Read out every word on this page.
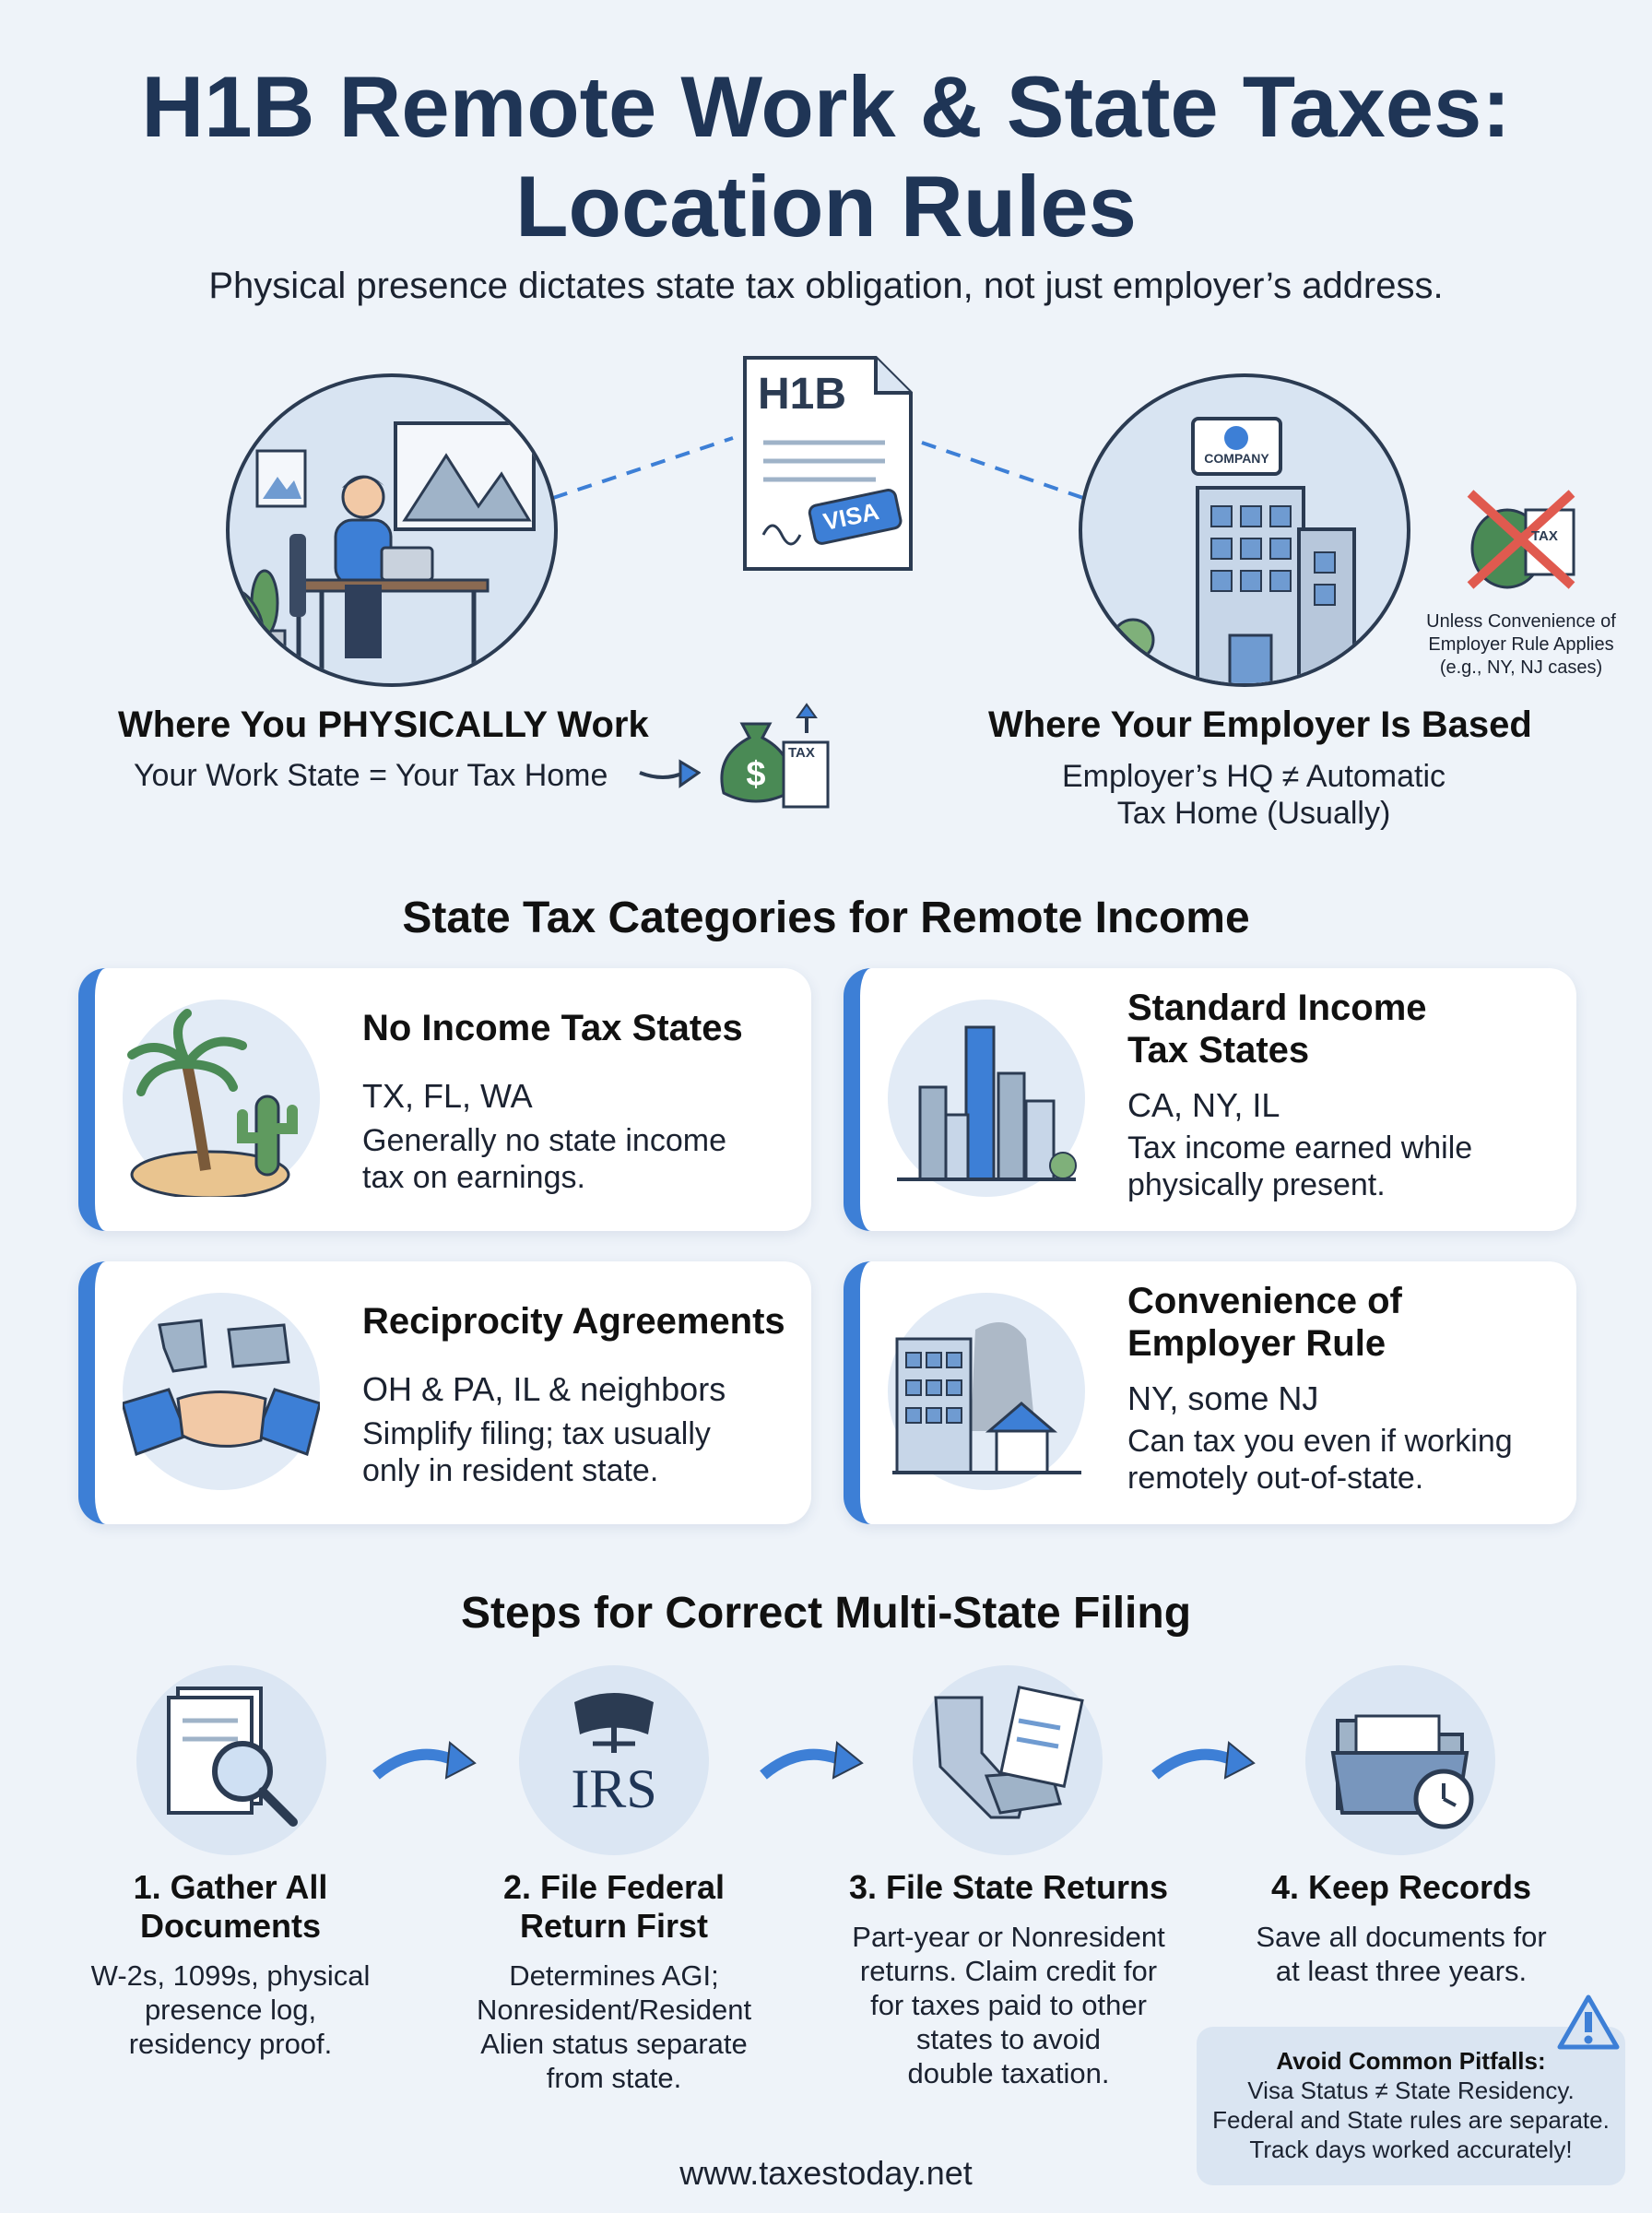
H1B Remote Work & State Taxes:
Location Rules
Physical presence dictates state tax obligation, not just employer’s address.
H1B
VISA
COMPANY
TAX
Unless Convenience of
Employer Rule Applies
(e.g., NY, NJ cases)
Where You PHYSICALLY Work
Your Work State = Your Tax Home	$
TAX
Where Your Employer Is Based
Employer’s HQ ≠ Automatic
Tax Home (Usually)
State Tax Categories for Remote Income
No Income Tax States
TX, FL, WA
Generally no state income
tax on earnings.
Standard Income
Tax States
CA, NY, IL
Tax income earned while
physically present.
Reciprocity Agreements
OH & PA, IL & neighbors
Simplify filing; tax usually
only in resident state.
Convenience of
Employer Rule
NY, some NJ
Can tax you even if working
remotely out-of-state.
Steps for Correct Multi-State Filing
IRS
1. Gather All
Documents
W-2s, 1099s, physical
presence log,
residency proof.
2. File Federal
Return First
Determines AGI;
Nonresident/Resident
Alien status separate
from state.
3. File State Returns
Part-year or Nonresident
returns. Claim credit for
for taxes paid to other
states to avoid
double taxation.
4. Keep Records
Save all documents for
at least three years.
Avoid Common Pitfalls:
Visa Status ≠ State Residency.
Federal and State rules are separate.
Track days worked accurately!
www.taxestoday.net
